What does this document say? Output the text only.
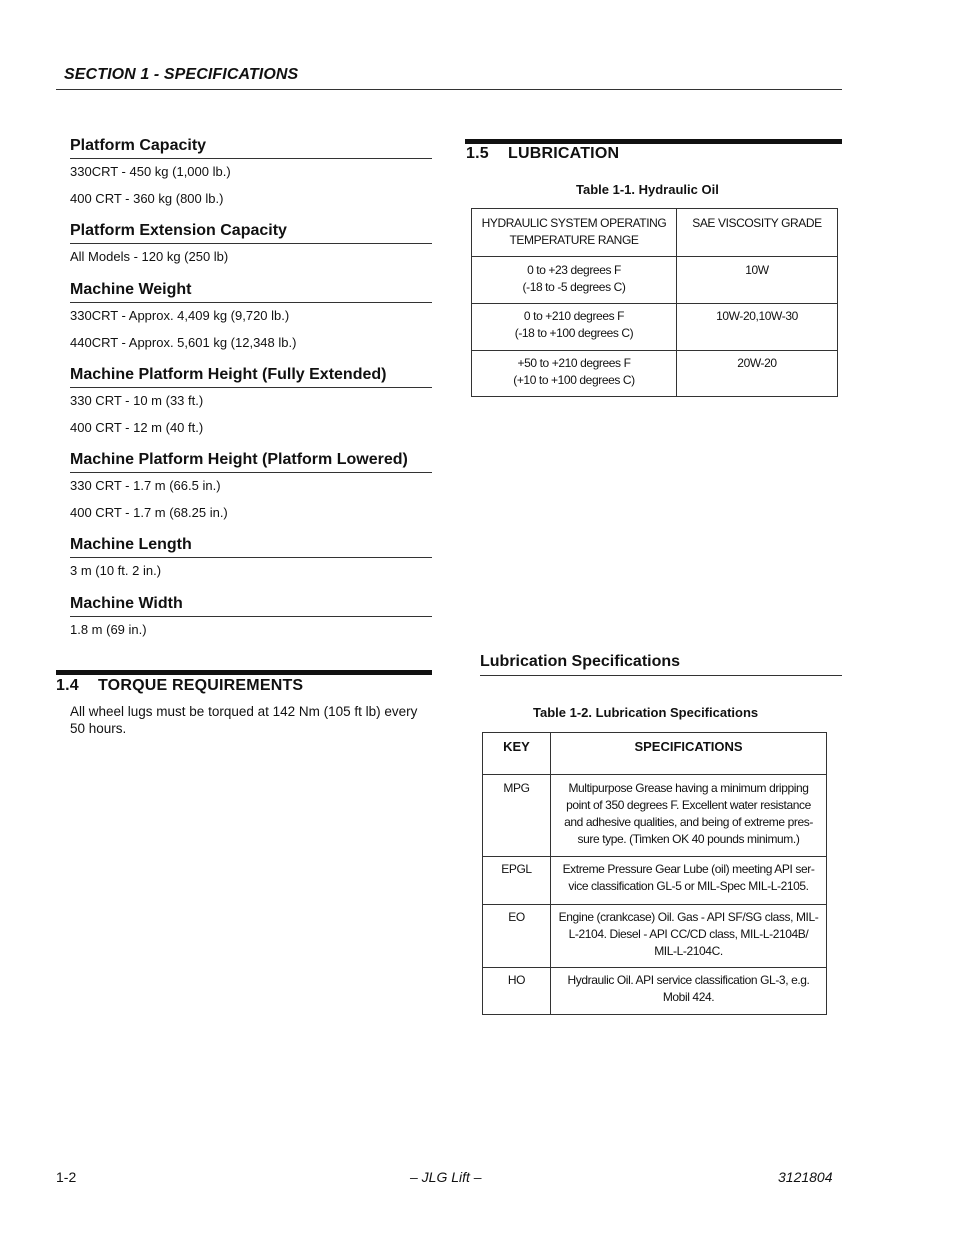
SECTION 1 - SPECIFICATIONS
Platform Capacity
330CRT - 450 kg (1,000 lb.)
400 CRT - 360 kg (800 lb.)
Platform Extension Capacity
All Models - 120 kg (250 lb)
Machine Weight
330CRT - Approx. 4,409 kg (9,720 lb.)
440CRT - Approx. 5,601 kg (12,348 lb.)
Machine Platform Height (Fully Extended)
330 CRT - 10 m (33 ft.)
400 CRT - 12 m (40 ft.)
Machine Platform Height (Platform Lowered)
330 CRT - 1.7 m (66.5 in.)
400 CRT - 1.7 m (68.25 in.)
Machine Length
3 m (10 ft. 2 in.)
Machine Width
1.8 m (69 in.)
1.4 TORQUE REQUIREMENTS
All wheel lugs must be torqued at 142 Nm (105 ft lb) every 50 hours.
1.5 LUBRICATION
Table 1-1. Hydraulic Oil
HYDRAULIC SYSTEM OPERATING TEMPERATURE RANGE	SAE VISCOSITY GRADE

0 to +23 degrees F
(-18 to -5 degrees C)	10W

0 to +210 degrees F
(-18 to +100 degrees C)	10W-20,10W-30

+50 to +210 degrees F
(+10 to +100 degrees C)	20W-20
Lubrication Specifications
Table 1-2. Lubrication Specifications
KEY	SPECIFICATIONS
MPG	Multipurpose Grease having a minimum dripping
point of 350 degrees F. Excellent water resistance
and adhesive qualities, and being of extreme pres-
sure type. (Timken OK 40 pounds minimum.)

EPGL	Extreme Pressure Gear Lube (oil) meeting API ser-
vice classification GL-5 or MIL-Spec MIL-L-2105.

EO	Engine (crankcase) Oil. Gas - API SF/SG class, MIL-
L-2104. Diesel - API CC/CD class, MIL-L-2104B/
MIL-L-2104C.

HO	Hydraulic Oil. API service classification GL-3, e.g.
Mobil 424.
1-2	– JLG Lift –	3121804
